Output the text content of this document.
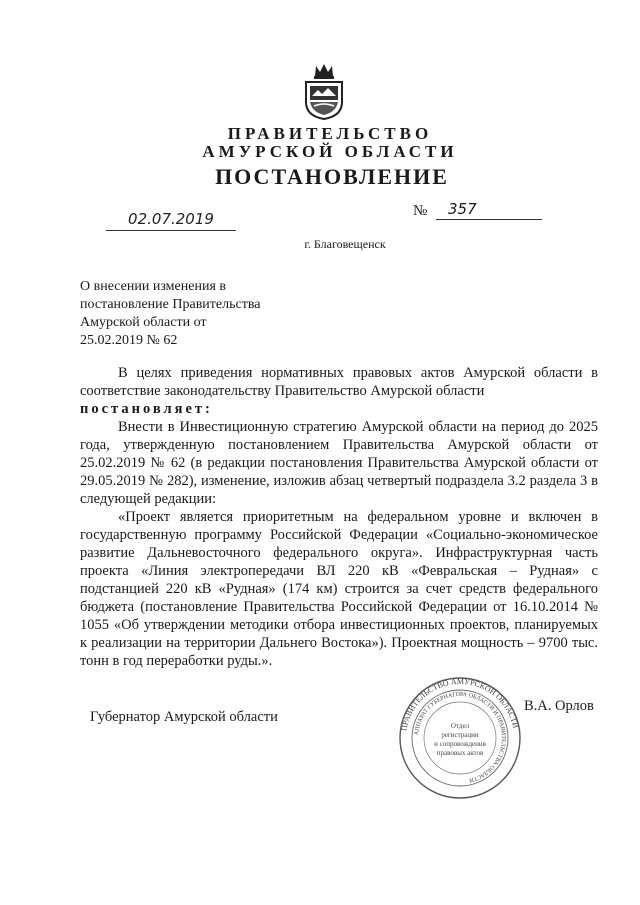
ПРАВИТЕЛЬСТВО
АМУРСКОЙ ОБЛАСТИ
ПОСТАНОВЛЕНИЕ
02.07.2019	№	357
г. Благовещенск
О внесении изменения в
постановление Правительства
Амурской области от
25.02.2019 № 62

В целях приведения нормативных правовых актов Амурской области в соответствие законодательству Правительство Амурской области

постановляет:

Внести в Инвестиционную стратегию Амурской области на период до 2025 года, утвержденную постановлением Правительства Амурской области от 25.02.2019 № 62 (в редакции постановления Правительства Амурской области от 29.05.2019 № 282), изменение, изложив абзац четвертый подраздела 3.2 раздела 3 в следующей редакции:

«Проект является приоритетным на федеральном уровне и включен в государственную программу Российской Федерации «Социально-экономическое развитие Дальневосточного федерального округа». Инфраструктурная часть проекта «Линия электропередачи ВЛ 220 кВ «Февральская – Рудная» с подстанцией 220 кВ «Рудная» (174 км) строится за счет средств федерального бюджета (постановление Правительства Российской Федерации от 16.10.2014 № 1055 «Об утверждении методики отбора инвестиционных проектов, планируемых к реализации на территории Дальнего Востока»). Проектная мощность – 9700 тыс. тонн в год переработки руды.».

Губернатор Амурской области
В.А. Орлов
ПРАВИТЕЛЬСТВО АМУРСКОЙ ОБЛАСТИ
АППАРАТ ГУБЕРНАТОРА ОБЛАСТИ И ПРАВИТЕЛЬСТВА ОБЛАСТИ
Отдел
регистрации
и сопровождения
правовых актов
